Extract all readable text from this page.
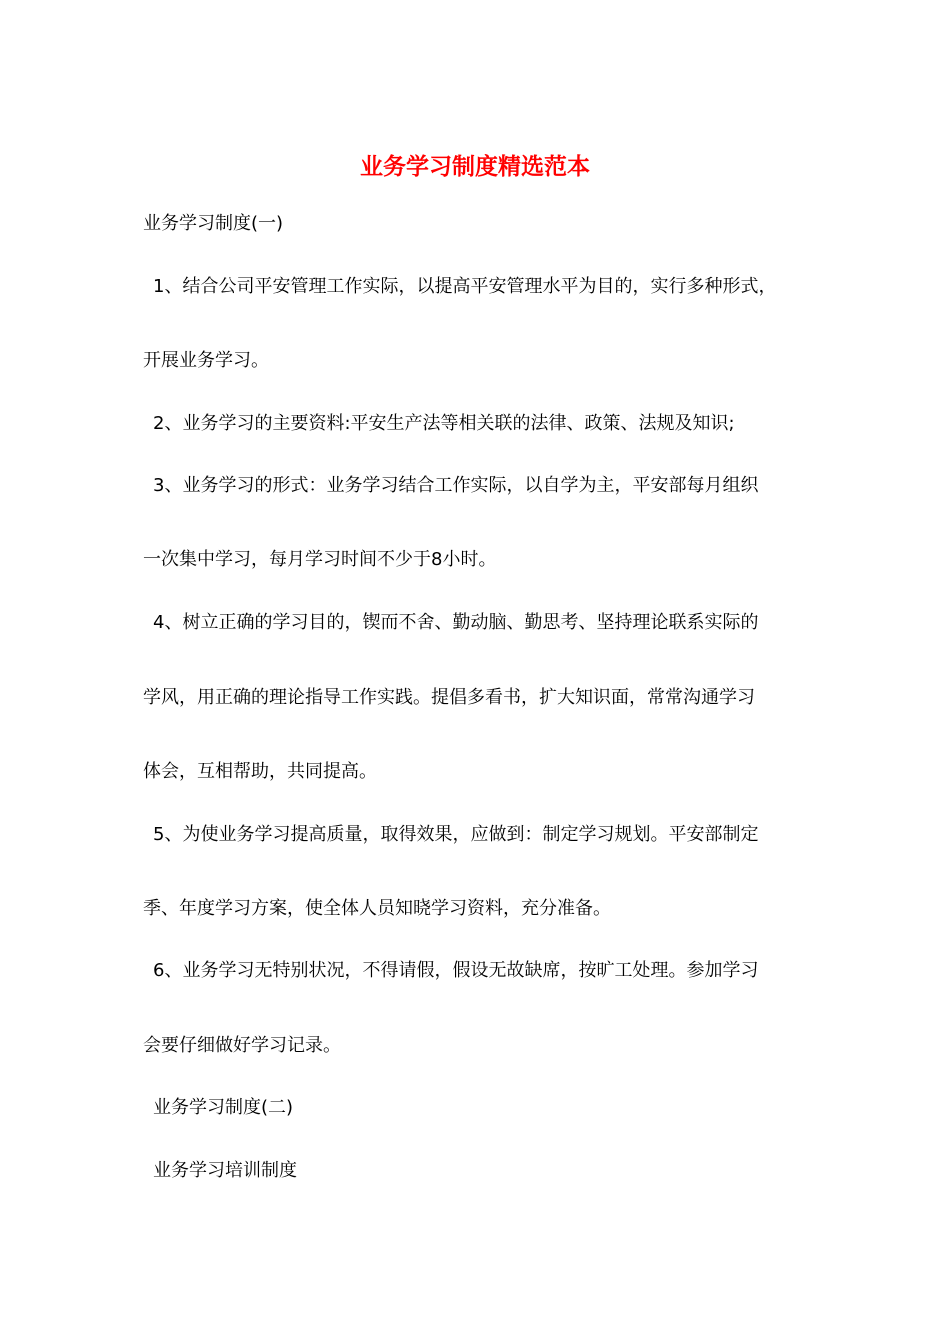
业务学习制度精选范本
业务学习制度(一)
1、结合公司平安管理工作实际，以提高平安管理水平为目的，实行多种形式，
开展业务学习。
2、业务学习的主要资料:平安生产法等相关联的法律、政策、法规及知识;
3、业务学习的形式：业务学习结合工作实际，以自学为主，平安部每月组织
一次集中学习，每月学习时间不少于8小时。
4、树立正确的学习目的，锲而不舍、勤动脑、勤思考、坚持理论联系实际的
学风，用正确的理论指导工作实践。提倡多看书，扩大知识面，常常沟通学习
体会，互相帮助，共同提高。
5、为使业务学习提高质量，取得效果，应做到：制定学习规划。平安部制定
季、年度学习方案，使全体人员知晓学习资料，充分准备。
6、业务学习无特别状况，不得请假，假设无故缺席，按旷工处理。参加学习
会要仔细做好学习记录。
业务学习制度(二)
业务学习培训制度
